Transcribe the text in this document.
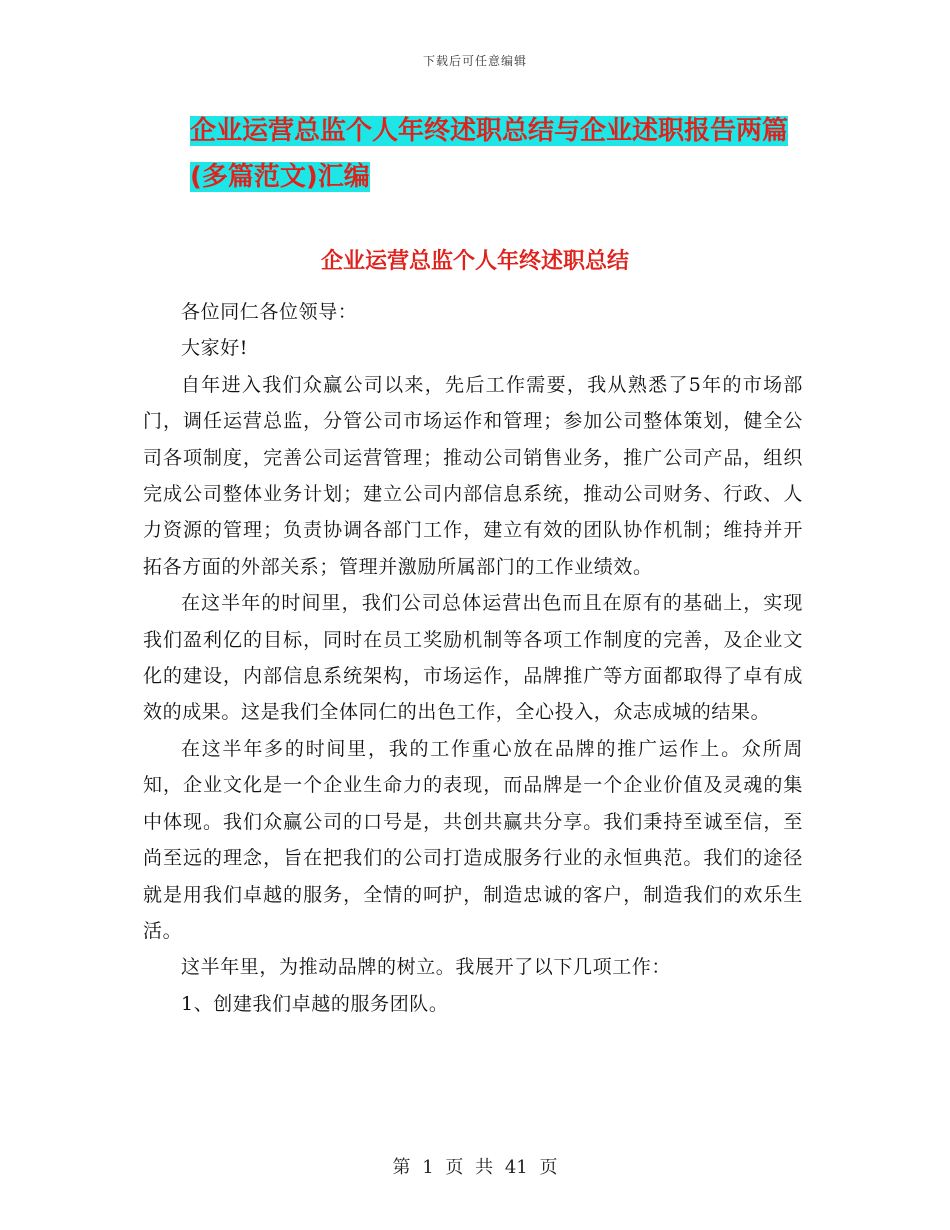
下载后可任意编辑
企业运营总监个人年终述职总结与企业述职报告两篇
(多篇范文)汇编
企业运营总监个人年终述职总结

各位同仁各位领导：

大家好!

自年进入我们众赢公司以来，先后工作需要，我从熟悉了5年的市场部门，调任运营总监，分管公司市场运作和管理；参加公司整体策划，健全公司各项制度，完善公司运营管理；推动公司销售业务，推广公司产品，组织完成公司整体业务计划；建立公司内部信息系统，推动公司财务、行政、人力资源的管理；负责协调各部门工作，建立有效的团队协作机制；维持并开拓各方面的外部关系；管理并激励所属部门的工作业绩效。

在这半年的时间里，我们公司总体运营出色而且在原有的基础上，实现我们盈利亿的目标，同时在员工奖励机制等各项工作制度的完善，及企业文化的建设，内部信息系统架构，市场运作，品牌推广等方面都取得了卓有成效的成果。这是我们全体同仁的出色工作，全心投入，众志成城的结果。

在这半年多的时间里，我的工作重心放在品牌的推广运作上。众所周知，企业文化是一个企业生命力的表现，而品牌是一个企业价值及灵魂的集中体现。我们众赢公司的口号是，共创共赢共分享。我们秉持至诚至信，至尚至远的理念，旨在把我们的公司打造成服务行业的永恒典范。我们的途径就是用我们卓越的服务，全情的呵护，制造忠诚的客户，制造我们的欢乐生活。

这半年里，为推动品牌的树立。我展开了以下几项工作：

1、创建我们卓越的服务团队。

第 1 页 共 41 页
